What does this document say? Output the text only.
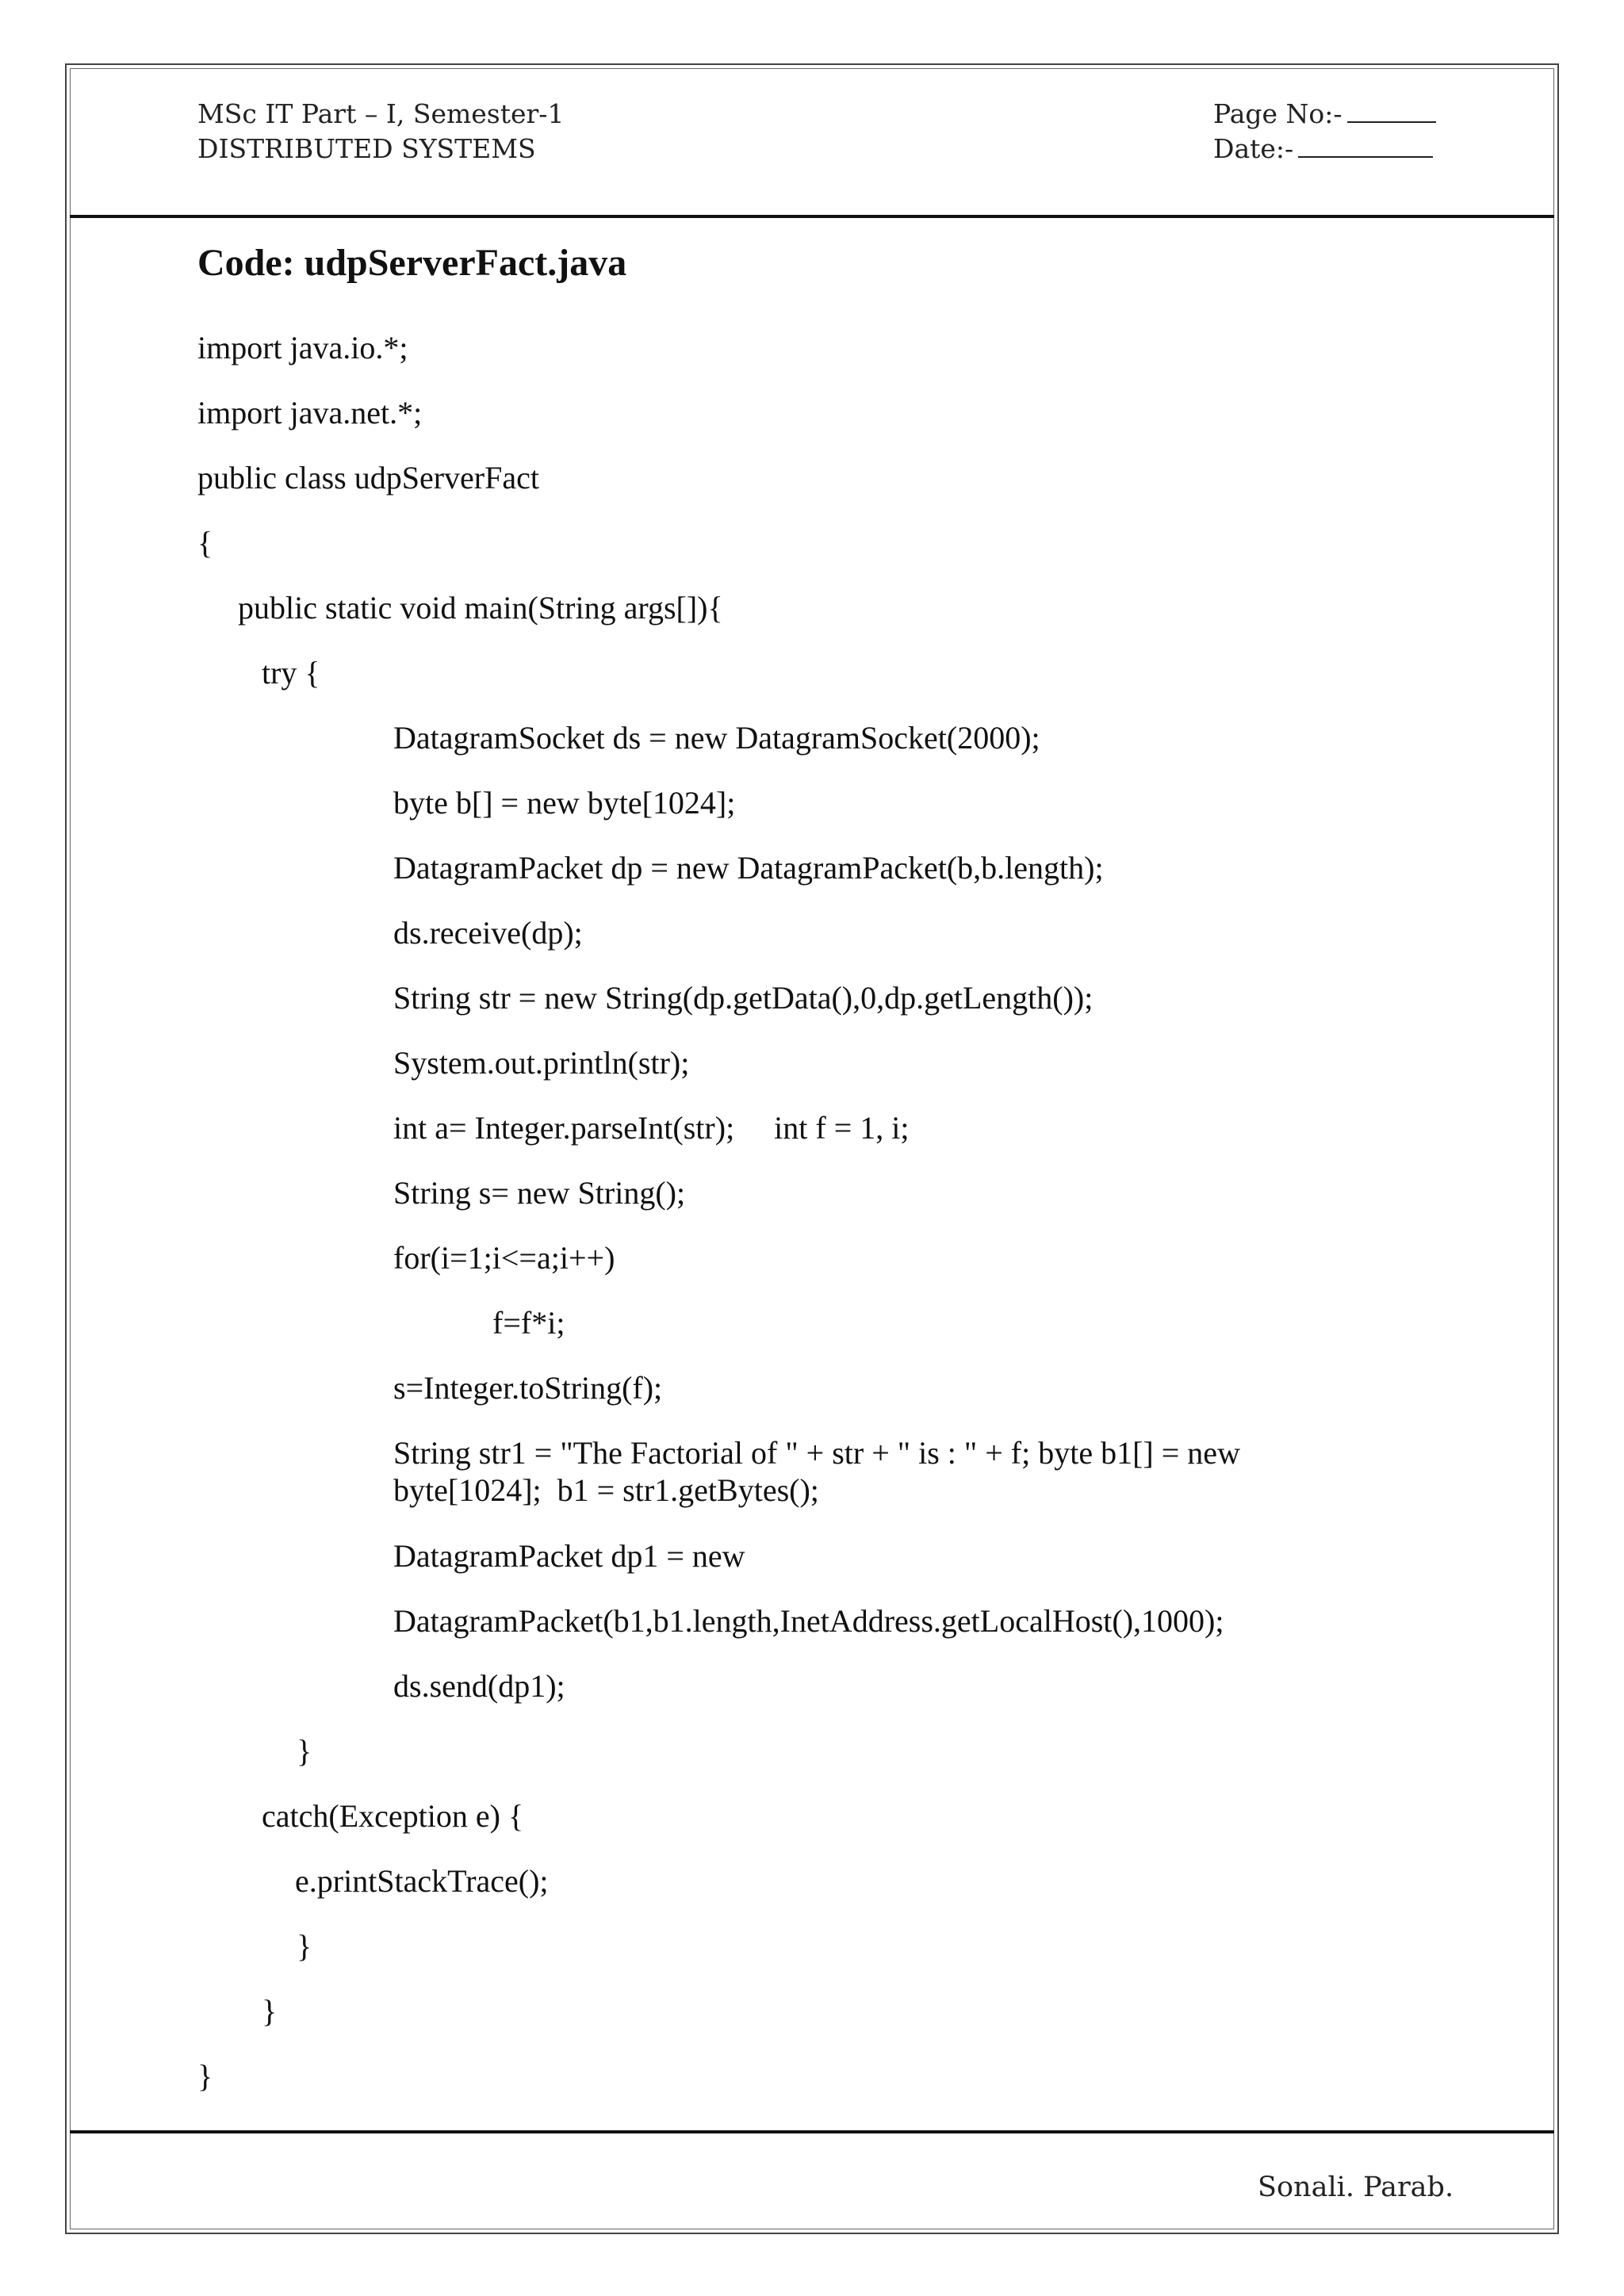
MSc IT Part – I, Semester-1
DISTRIBUTED SYSTEMS
Page No:-
Date:-
Code: udpServerFact.java
import java.io.*;
import java.net.*;
public class udpServerFact
{
public static void main(String args[]){
try {
DatagramSocket ds = new DatagramSocket(2000);
byte b[] = new byte[1024];
DatagramPacket dp = new DatagramPacket(b,b.length);
ds.receive(dp);
String str = new String(dp.getData(),0,dp.getLength());
System.out.println(str);
int a= Integer.parseInt(str);     int f = 1, i;
String s= new String();
for(i=1;i<=a;i++)
f=f*i;
s=Integer.toString(f);
String str1 = "The Factorial of " + str + " is : " + f; byte b1[] = new
byte[1024];  b1 = str1.getBytes();
DatagramPacket dp1 = new
DatagramPacket(b1,b1.length,InetAddress.getLocalHost(),1000);
ds.send(dp1);
}
catch(Exception e) {
e.printStackTrace();
}
}
}
Sonali. Parab.
